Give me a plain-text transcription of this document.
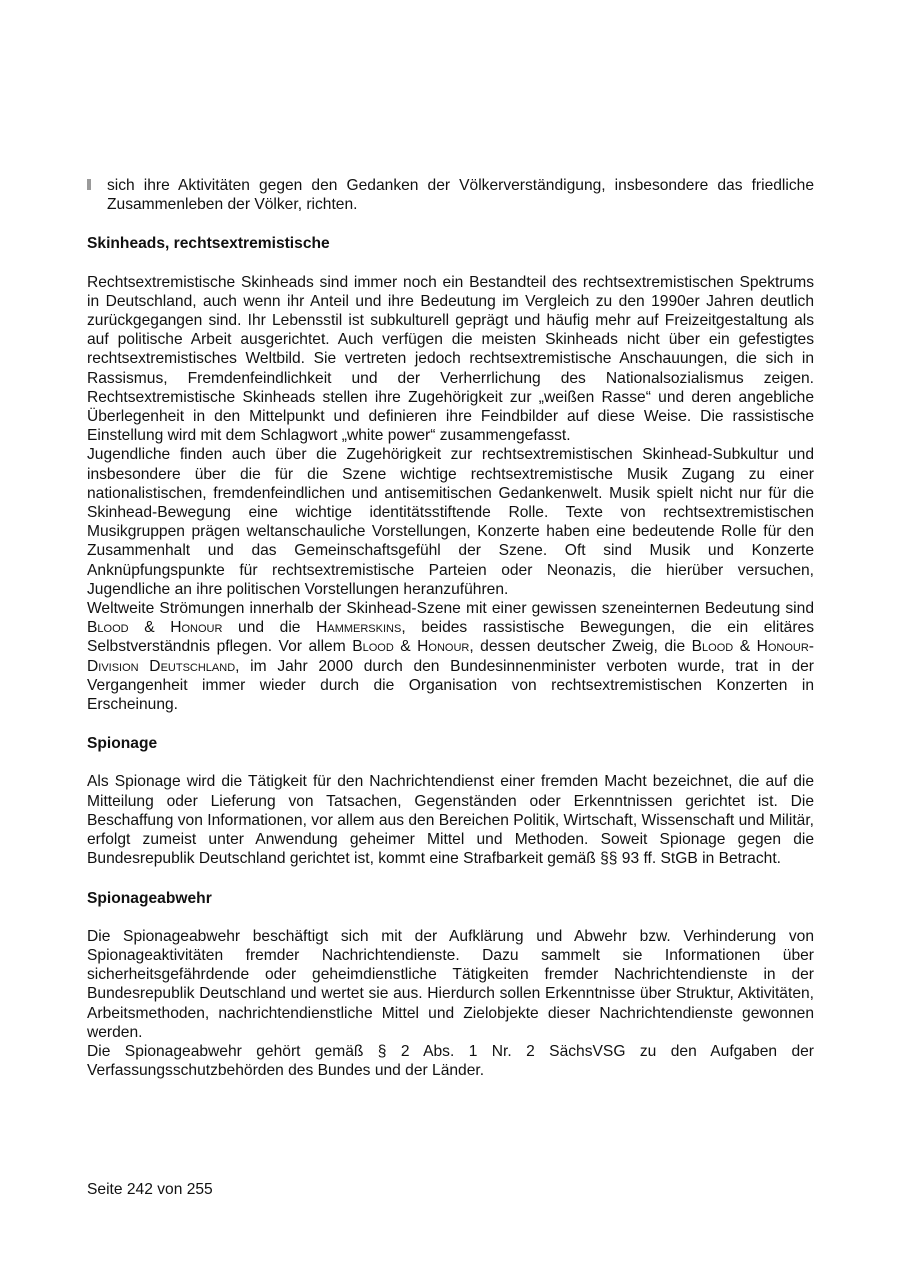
sich ihre Aktivitäten gegen den Gedanken der Völkerverständigung, insbesondere das friedliche Zusammenleben der Völker, richten.

Skinheads, rechtsextremistische

Rechtsextremistische Skinheads sind immer noch ein Bestandteil des rechtsextremistischen Spektrums in Deutschland, auch wenn ihr Anteil und ihre Bedeutung im Vergleich zu den 1990er Jahren deutlich zurückgegangen sind. Ihr Lebensstil ist subkulturell geprägt und häufig mehr auf Freizeitgestaltung als auf politische Arbeit ausgerichtet. Auch verfügen die meisten Skinheads nicht über ein gefestigtes rechtsextremistisches Weltbild. Sie vertreten jedoch rechtsextremistische Anschauungen, die sich in Rassismus, Fremdenfeindlichkeit und der Verherrlichung des Nationalsozialismus zeigen. Rechtsextremistische Skinheads stellen ihre Zugehörigkeit zur „weißen Rasse“ und deren angebliche Überlegenheit in den Mittelpunkt und definieren ihre Feindbilder auf diese Weise. Die rassistische Einstellung wird mit dem Schlagwort „white power“ zusammengefasst.

Jugendliche finden auch über die Zugehörigkeit zur rechtsextremistischen Skinhead-Subkultur und insbesondere über die für die Szene wichtige rechtsextremistische Musik Zugang zu einer nationalistischen, fremdenfeindlichen und antisemitischen Gedankenwelt. Musik spielt nicht nur für die Skinhead-Bewegung eine wichtige identitätsstiftende Rolle. Texte von rechtsextremistischen Musikgruppen prägen weltanschauliche Vorstellungen, Konzerte haben eine bedeutende Rolle für den Zusammenhalt und das Gemeinschaftsgefühl der Szene. Oft sind Musik und Konzerte Anknüpfungspunkte für rechtsextremistische Parteien oder Neonazis, die hierüber versuchen, Jugendliche an ihre politischen Vorstellungen heranzuführen.

Weltweite Strömungen innerhalb der Skinhead-Szene mit einer gewissen szeneinternen Bedeutung sind Blood & Honour und die Hammerskins, beides rassistische Bewegungen, die ein elitäres Selbstverständnis pflegen. Vor allem Blood & Honour, dessen deutscher Zweig, die Blood & Honour-Division Deutschland, im Jahr 2000 durch den Bundesinnenminister verboten wurde, trat in der Vergangenheit immer wieder durch die Organisation von rechtsextremistischen Konzerten in Erscheinung.

Spionage

Als Spionage wird die Tätigkeit für den Nachrichtendienst einer fremden Macht bezeichnet, die auf die Mitteilung oder Lieferung von Tatsachen, Gegenständen oder Erkenntnissen gerichtet ist. Die Beschaffung von Informationen, vor allem aus den Bereichen Politik, Wirtschaft, Wissenschaft und Militär, erfolgt zumeist unter Anwendung geheimer Mittel und Methoden. Soweit Spionage gegen die Bundesrepublik Deutschland gerichtet ist, kommt eine Strafbarkeit gemäß §§ 93 ff. StGB in Betracht.

Spionageabwehr

Die Spionageabwehr beschäftigt sich mit der Aufklärung und Abwehr bzw. Verhinderung von Spionageaktivitäten fremder Nachrichtendienste. Dazu sammelt sie Informationen über sicherheitsgefährdende oder geheimdienstliche Tätigkeiten fremder Nachrichtendienste in der Bundesrepublik Deutschland und wertet sie aus. Hierdurch sollen Erkenntnisse über Struktur, Aktivitäten, Arbeitsmethoden, nachrichtendienstliche Mittel und Zielobjekte dieser Nachrichtendienste gewonnen werden.

Die Spionageabwehr gehört gemäß § 2 Abs. 1 Nr. 2 SächsVSG zu den Aufgaben der Verfassungsschutzbehörden des Bundes und der Länder.

Seite 242 von 255
